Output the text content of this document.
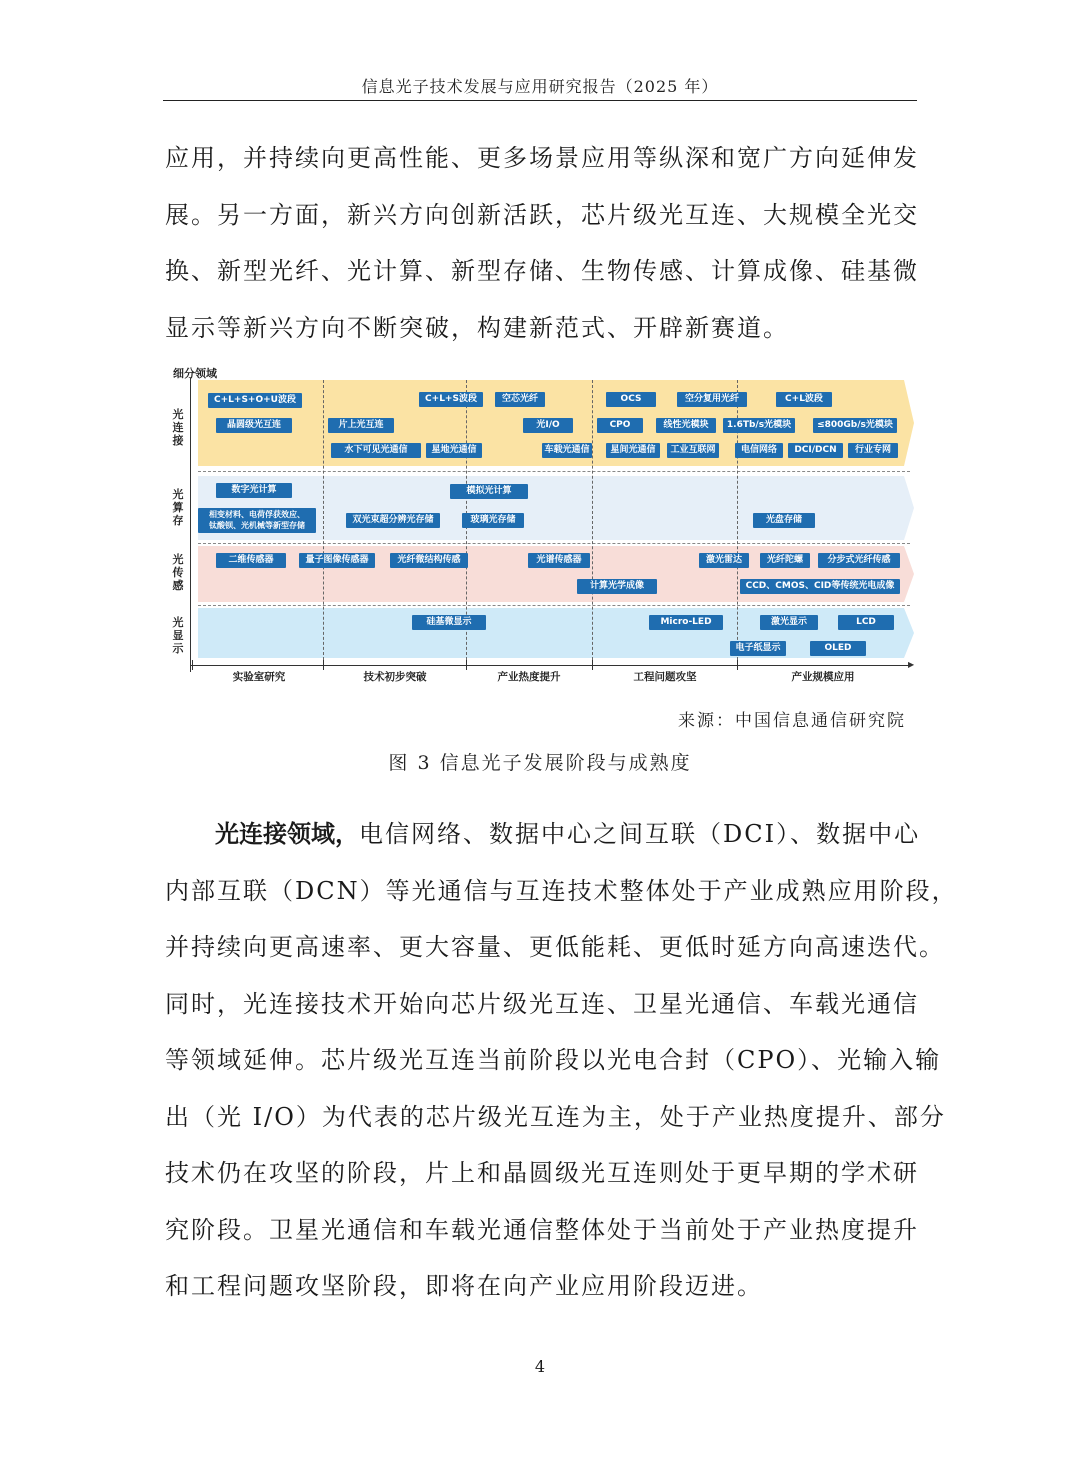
信息光子技术发展与应用研究报告（2025 年）
应用，并持续向更高性能、更多场景应用等纵深和宽广方向延伸发
展。另一方面，新兴方向创新活跃，芯片级光互连、大规模全光交
换、新型光纤、光计算、新型存储、生物传感、计算成像、硅基微
显示等新兴方向不断突破，构建新范式、开辟新赛道。
细分领域
光连接
光算存
光传感
光显示
C+L+S+O+U波段	C+L+S波段	空芯光纤	OCS	空分复用光纤	C+L波段
晶圆级光互连	片上光互连	光I/O	CPO	线性光模块	1.6Tb/s光模块	≤800Gb/s光模块
水下可见光通信	星地光通信	车载光通信	星间光通信	工业互联网	电信网络	DCI/DCN	行业专网
数字光计算	模拟光计算
相变材料、电荷俘获效应、
钛酸钡、光机械等新型存储
双光束超分辨光存储	玻璃光存储	光盘存储
二维传感器	量子图像传感器	光纤微结构传感	光谱传感器	激光雷达	光纤陀螺	分步式光纤传感
计算光学成像	CCD、CMOS、CID等传统光电成像
硅基微显示	Micro-LED	激光显示	LCD
电子纸显示	OLED
▶
实验室研究	技术初步突破	产业热度提升	工程问题攻坚	产业规模应用
来源：中国信息通信研究院
图 3 信息光子发展阶段与成熟度
光连接领域，电信网络、数据中心之间互联（DCI）、数据中心
内部互联（DCN）等光通信与互连技术整体处于产业成熟应用阶段，
并持续向更高速率、更大容量、更低能耗、更低时延方向高速迭代。
同时，光连接技术开始向芯片级光互连、卫星光通信、车载光通信
等领域延伸。芯片级光互连当前阶段以光电合封（CPO）、光输入输
出（光 I/O）为代表的芯片级光互连为主，处于产业热度提升、部分
技术仍在攻坚的阶段，片上和晶圆级光互连则处于更早期的学术研
究阶段。卫星光通信和车载光通信整体处于当前处于产业热度提升
和工程问题攻坚阶段，即将在向产业应用阶段迈进。
4
